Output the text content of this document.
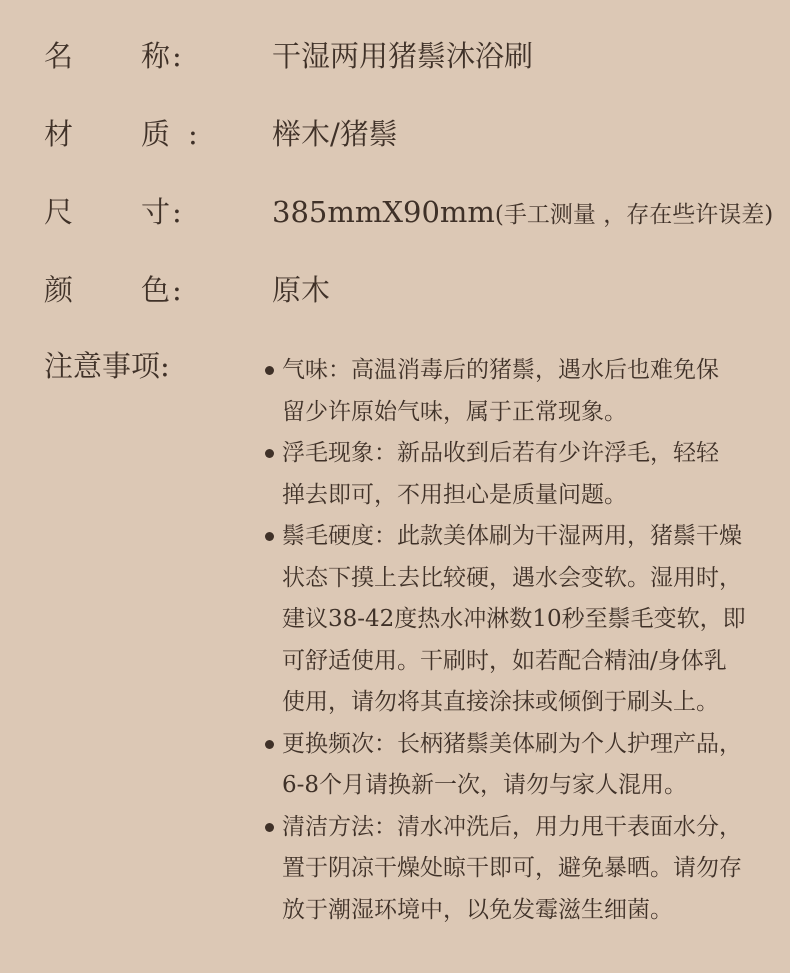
名 称 :	干湿两用猪鬃沐浴刷
材 质 :	榉木/猪鬃
尺 寸 :	385mmX90mm(手工测量 ，存在些许误差)
颜 色 :	原木
注意事项:	气味：高温消毒后的猪鬃，遇水后也难免保
留少许原始气味，属于正常现象。
浮毛现象：新品收到后若有少许浮毛，轻轻
掸去即可，不用担心是质量问题。
鬃毛硬度：此款美体刷为干湿两用，猪鬃干燥
状态下摸上去比较硬，遇水会变软。湿用时，
建议38-42度热水冲淋数10秒至鬃毛变软，即
可舒适使用。干刷时，如若配合精油/身体乳
使用，请勿将其直接涂抹或倾倒于刷头上。
更换频次：长柄猪鬃美体刷为个人护理产品，
6-8个月请换新一次，请勿与家人混用。
清洁方法：清水冲洗后，用力甩干表面水分，
置于阴凉干燥处晾干即可，避免暴晒。请勿存
放于潮湿环境中，以免发霉滋生细菌。
